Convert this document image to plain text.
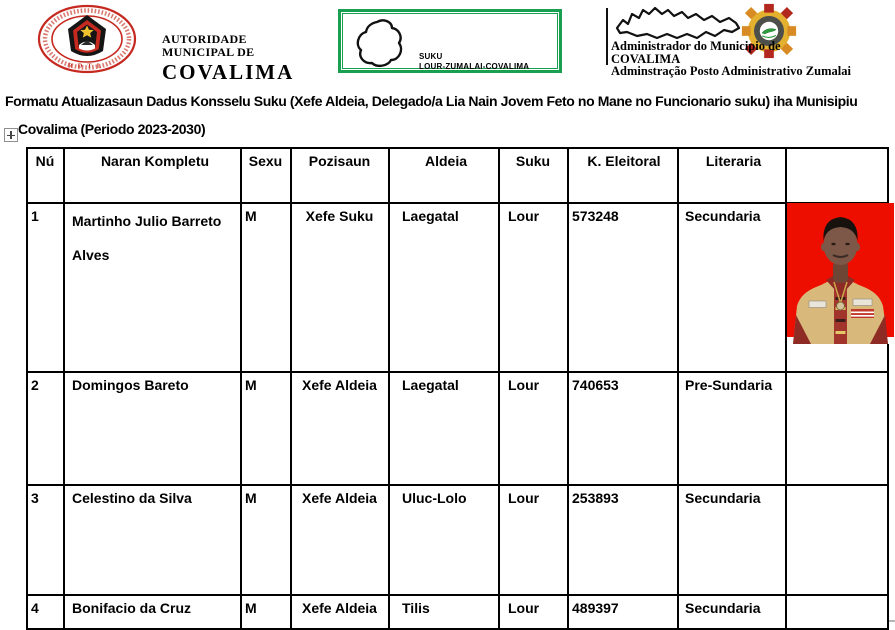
RDTL
AUTORIDADE
MUNICIPAL DE
COVALIMA
SUKU
LOUR-ZUMALAI-COVALIMA
Administrador do Municipio de
COVALIMA
Adminstração Posto Administrativo Zumalai
Formatu Atualizasaun Dadus Konsselu Suku (Xefe Aldeia, Delegado/a Lia Nain Jovem Feto no Mane no Funcionario suku) iha Munisipiu
Covalima (Periodo 2023-2030)
Nú	Naran Kompletu	Sexu	Pozisaun	Aldeia	Suku	K. Eleitoral	Literaria	
1	Martinho Julio Barreto Alves	M	Xefe Suku	Laegatal	Lour	573248	Secundaria	
2	Domingos Bareto	M	Xefe Aldeia	Laegatal	Lour	740653	Pre-Sundaria	
3	Celestino da Silva	M	Xefe Aldeia	Uluc-Lolo	Lour	253893	Secundaria	
4	Bonifacio da Cruz	M	Xefe Aldeia	Tilis	Lour	489397	Secundaria	
